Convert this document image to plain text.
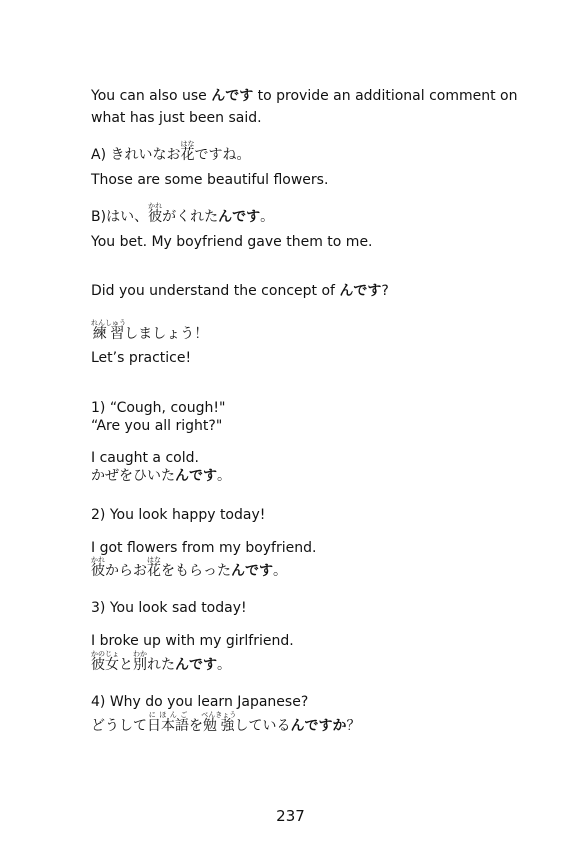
You can also use んです to provide an additional comment on
what has just been said.
A) きれいなお花はなですね。
Those are some beautiful flowers.
B)はい、彼かれがくれたんです。
You bet. My boyfriend gave them to me.
Did you understand the concept of んです?
練習れんしゅうしましょう！
Let’s practice!
1) “Cough, cough!"
“Are you all right?"
I caught a cold.
かぜをひいたんです。
2) You look happy today!
I got flowers from my boyfriend.
彼かれからお花はなをもらったんです。
3) You look sad today!
I broke up with my girlfriend.
彼女かのじょと別わかれたんです。
4) Why do you learn Japanese?
どうして日本語にほんごを勉強べんきょうしているんですか？
237
